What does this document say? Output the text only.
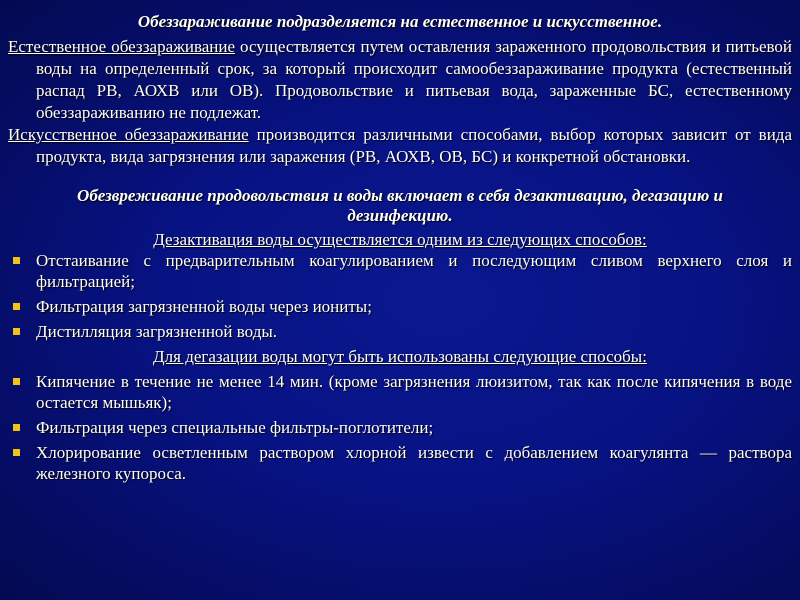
Обеззараживание подразделяется на естественное и искусственное.
Естественное обеззараживание осуществляется путем оставления зараженного продовольствия и питьевой воды на определенный срок, за который происходит самообеззараживание продукта (естественный распад РВ, АОХВ или ОВ). Продовольствие и питьевая вода, зараженные БС, естественному обеззараживанию не подлежат.
Искусственное обеззараживание производится различными способами, выбор которых зависит от вида продукта, вида загрязнения или заражения (РВ, АОХВ, ОВ, БС) и конкретной обстановки.
Обезвреживание продовольствия и воды включает в себя дезактивацию, дегазацию и дезинфекцию.
Дезактивация воды осуществляется одним из следующих способов:
Отстаивание с предварительным коагулированием и последующим сливом верхнего слоя и фильтрацией;
Фильтрация загрязненной воды через иониты;
Дистилляция загрязненной воды.
Для дегазации воды могут быть использованы следующие способы:
Кипячение в течение не менее 14 мин. (кроме загрязнения люизитом, так как после кипячения в воде остается мышьяк);
Фильтрация через специальные фильтры-поглотители;
Хлорирование осветленным раствором хлорной извести с добавлением коагулянта — раствора железного купороса.
